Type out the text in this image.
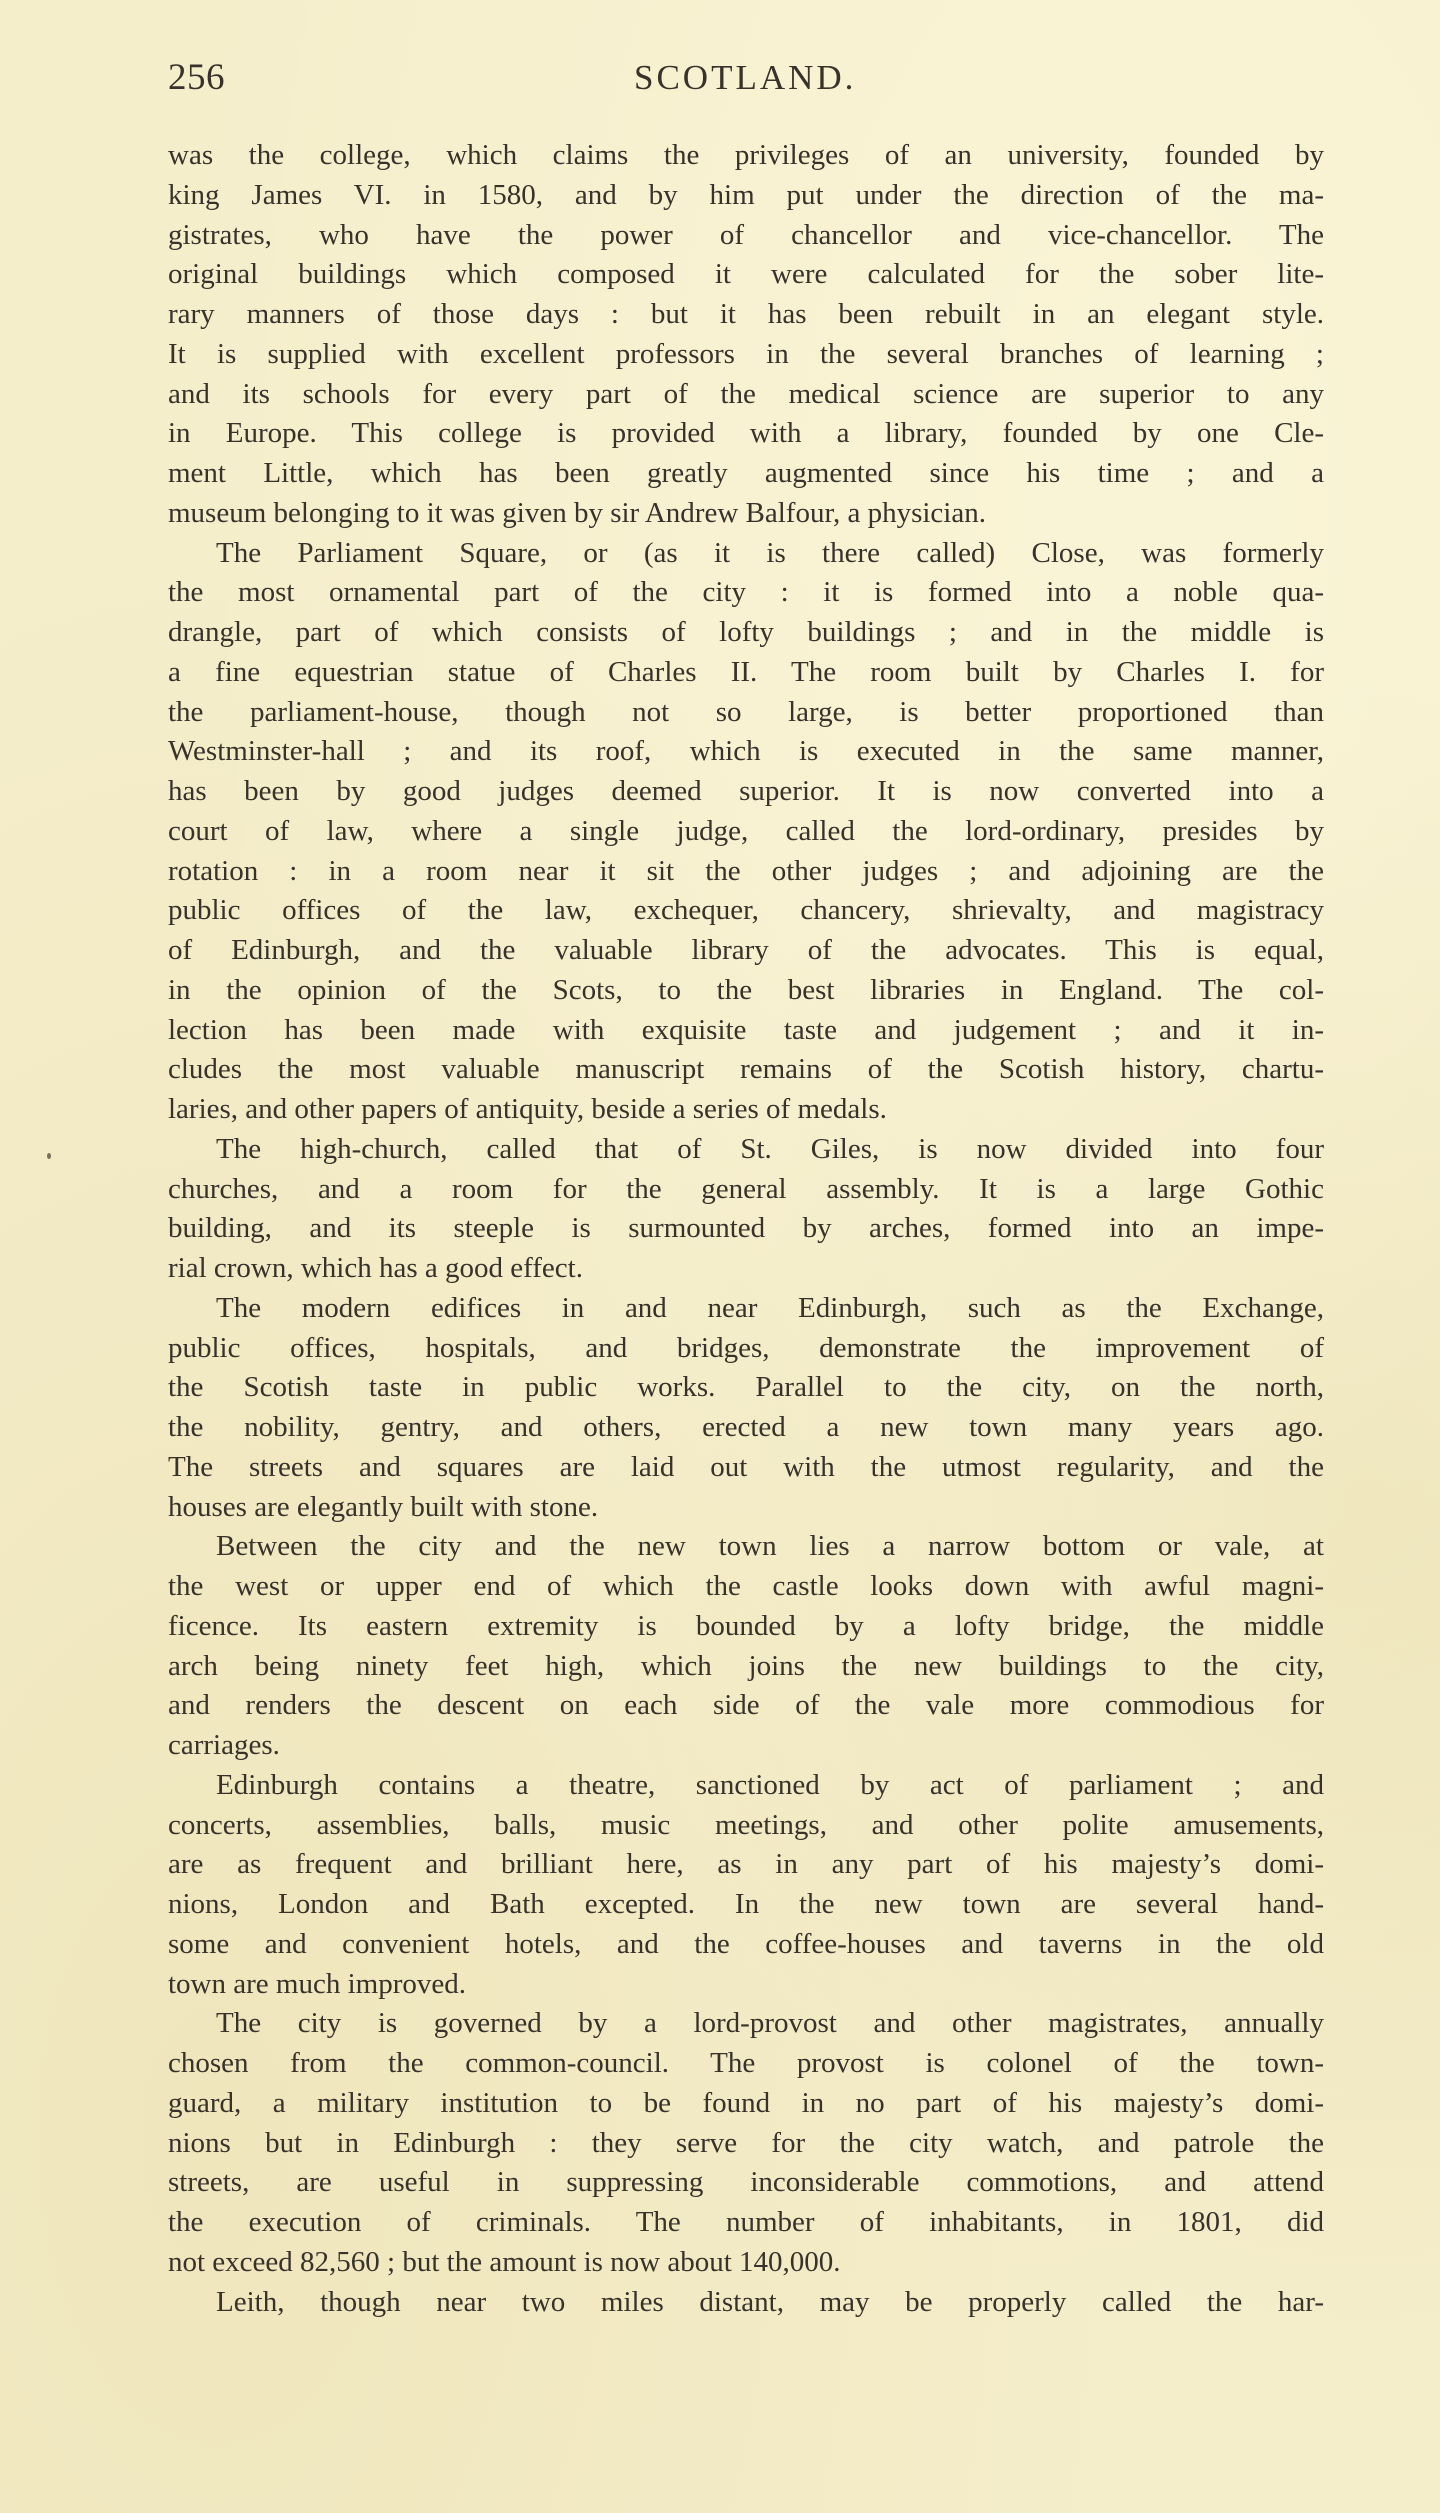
256	SCOTLAND.
was the college, which claims the privileges of an university, founded by
king James VI. in 1580, and by him put under the direction of the ma-
gistrates, who have the power of chancellor and vice-chancellor. The
original buildings which composed it were calculated for the sober lite-
rary manners of those days : but it has been rebuilt in an elegant style.
It is supplied with excellent professors in the several branches of learning ;
and its schools for every part of the medical science are superior to any
in Europe. This college is provided with a library, founded by one Cle-
ment Little, which has been greatly augmented since his time ; and a
museum belonging to it was given by sir Andrew Balfour, a physician.
The Parliament Square, or (as it is there called) Close, was formerly
the most ornamental part of the city : it is formed into a noble qua-
drangle, part of which consists of lofty buildings ; and in the middle is
a fine equestrian statue of Charles II. The room built by Charles I. for
the parliament-house, though not so large, is better proportioned than
Westminster-hall ; and its roof, which is executed in the same manner,
has been by good judges deemed superior. It is now converted into a
court of law, where a single judge, called the lord-ordinary, presides by
rotation : in a room near it sit the other judges ; and adjoining are the
public offices of the law, exchequer, chancery, shrievalty, and magistracy
of Edinburgh, and the valuable library of the advocates. This is equal,
in the opinion of the Scots, to the best libraries in England. The col-
lection has been made with exquisite taste and judgement ; and it in-
cludes the most valuable manuscript remains of the Scotish history, chartu-
laries, and other papers of antiquity, beside a series of medals.
The high-church, called that of St. Giles, is now divided into four
churches, and a room for the general assembly. It is a large Gothic
building, and its steeple is surmounted by arches, formed into an impe-
rial crown, which has a good effect.
The modern edifices in and near Edinburgh, such as the Exchange,
public offices, hospitals, and bridges, demonstrate the improvement of
the Scotish taste in public works. Parallel to the city, on the north,
the nobility, gentry, and others, erected a new town many years ago.
The streets and squares are laid out with the utmost regularity, and the
houses are elegantly built with stone.
Between the city and the new town lies a narrow bottom or vale, at
the west or upper end of which the castle looks down with awful magni-
ficence. Its eastern extremity is bounded by a lofty bridge, the middle
arch being ninety feet high, which joins the new buildings to the city,
and renders the descent on each side of the vale more commodious for
carriages.
Edinburgh contains a theatre, sanctioned by act of parliament ; and
concerts, assemblies, balls, music meetings, and other polite amusements,
are as frequent and brilliant here, as in any part of his majesty’s domi-
nions, London and Bath excepted. In the new town are several hand-
some and convenient hotels, and the coffee-houses and taverns in the old
town are much improved.
The city is governed by a lord-provost and other magistrates, annually
chosen from the common-council. The provost is colonel of the town-
guard, a military institution to be found in no part of his majesty’s domi-
nions but in Edinburgh : they serve for the city watch, and patrole the
streets, are useful in suppressing inconsiderable commotions, and attend
the execution of criminals. The number of inhabitants, in 1801, did
not exceed 82,560 ; but the amount is now about 140,000.
Leith, though near two miles distant, may be properly called the har-
